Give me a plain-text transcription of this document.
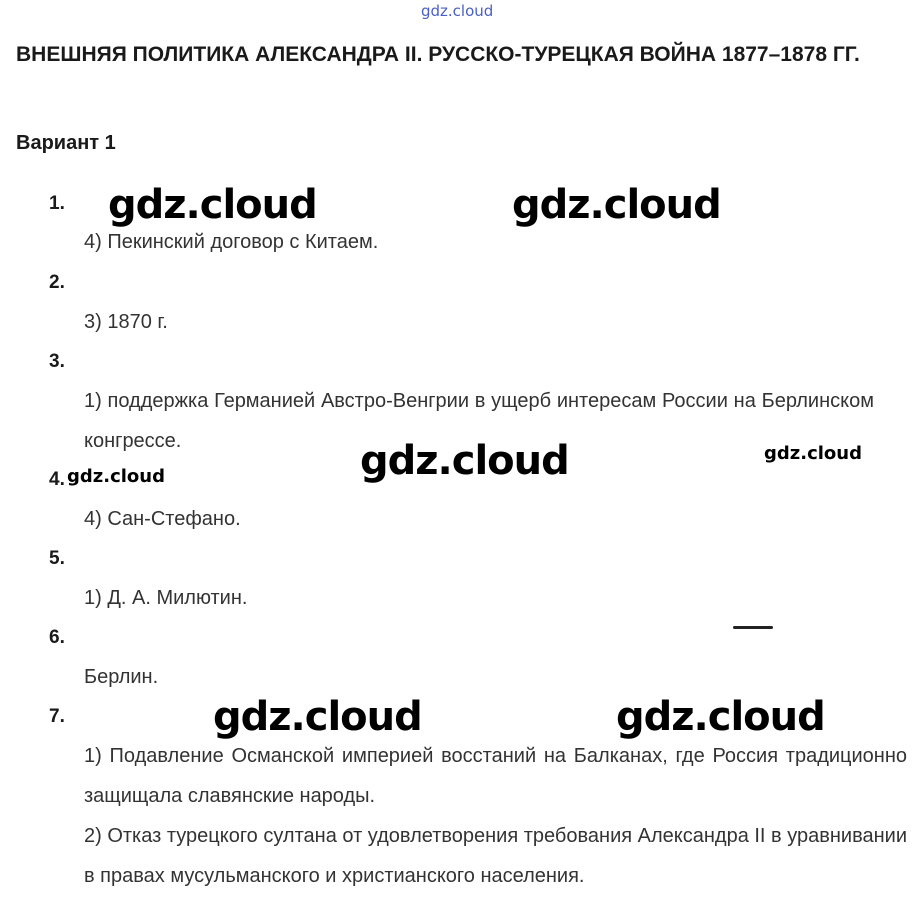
gdz.cloud
ВНЕШНЯЯ ПОЛИТИКА АЛЕКСАНДРА II. РУССКО-ТУРЕЦКАЯ ВОЙНА 1877–1878 ГГ.
Вариант 1
1.
4) Пекинский договор с Китаем.
2.
3) 1870 г.
3.
1) поддержка Германией Австро-Венгрии в ущерб интересам России на Берлинском конгрессе.
4.
4) Сан-Стефано.
5.
1) Д. А. Милютин.
6.
Берлин.
7.
1) Подавление Османской империей восстаний на Балканах, где Россия традиционно защищала славянские народы.
2) Отказ турецкого султана от удовлетворения требования Александра II в уравнивании в правах мусульманского и христианского населения.
gdz.cloud	gdz.cloud
gdz.cloud	gdz.cloud
gdz.cloud
gdz.cloud	gdz.cloud
